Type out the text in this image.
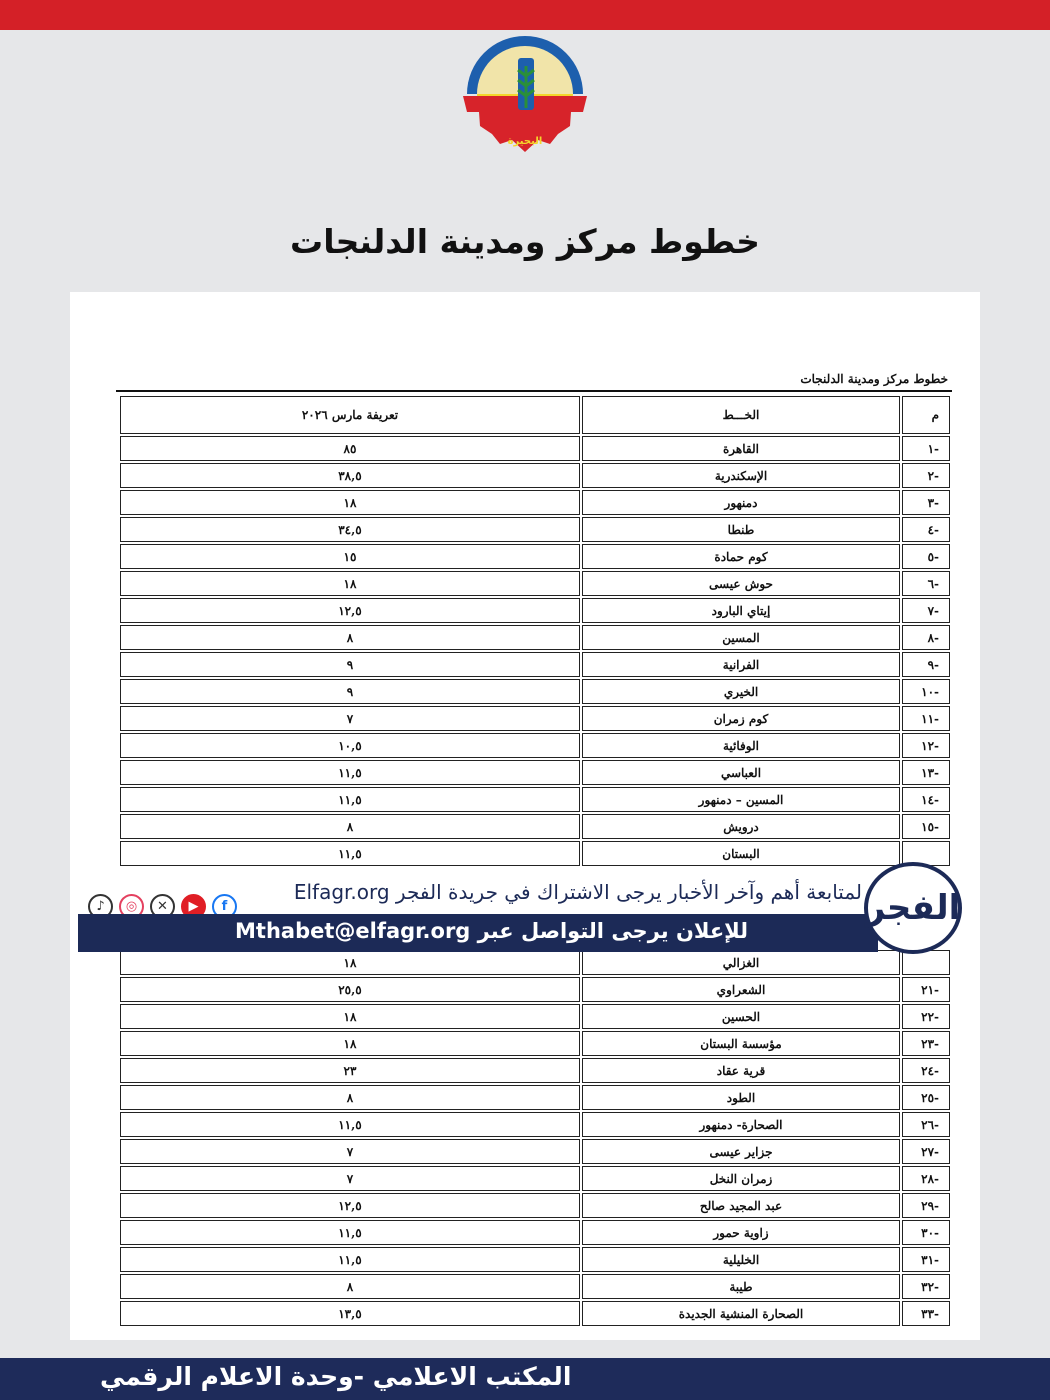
البحيرة
خطوط مركز ومدينة الدلنجات
خطوط مركز ومدينة الدلنجات
م	الخـــط	تعريفة مارس ٢٠٢٦
-١	القاهرة	٨٥
-٢	الإسكندرية	٣٨,٥
-٣	دمنهور	١٨
-٤	طنطا	٣٤,٥
-٥	كوم حمادة	١٥
-٦	حوش عيسى	١٨
-٧	إيتاي البارود	١٢,٥
-٨	المسين	٨
-٩	الفرانية	٩
-١٠	الخيري	٩
-١١	كوم زمران	٧
-١٢	الوفائية	١٠,٥
-١٣	العباسي	١١,٥
-١٤	المسين – دمنهور	١١,٥
-١٥	درويش	٨
	البستان	١١,٥

	الغزالي	١٨
-٢١	الشعراوي	٢٥,٥
-٢٢	الحسين	١٨
-٢٣	مؤسسة البستان	١٨
-٢٤	قرية عقاد	٢٣
-٢٥	الطود	٨
-٢٦	الصحارة- دمنهور	١١,٥
-٢٧	جزاير عيسى	٧
-٢٨	زمران النخل	٧
-٢٩	عبد المجيد صالح	١٢,٥
-٣٠	زاوية حمور	١١,٥
-٣١	الخليلية	١١,٥
-٣٢	طيبة	٨
-٣٣	الصحارة المنشية الجديدة	١٣,٥
♪	◎	✕	▶	f
لمتابعة أهم وآخر الأخبار يرجى الاشتراك في جريدة الفجر Elfagr.org
للإعلان يرجى التواصل عبر Mthabet@elfagr.org
الفجر
المكتب الاعلامي -وحدة الاعلام الرقمي
